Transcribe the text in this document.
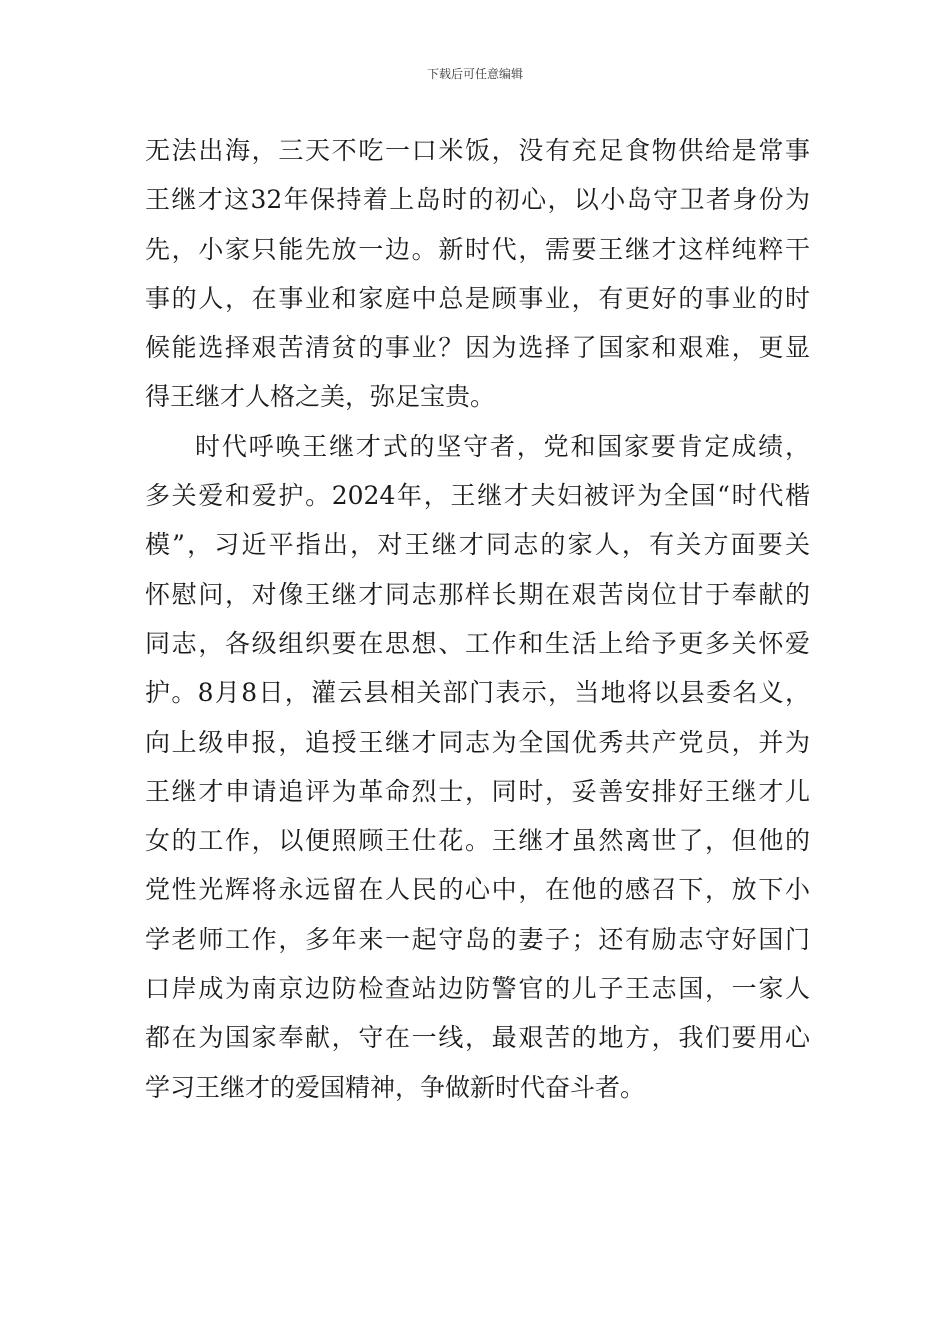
下载后可任意编辑
无法出海，三天不吃一口米饭，没有充足食物供给是常事
王继才这32年保持着上岛时的初心，以小岛守卫者身份为
先，小家只能先放一边。新时代，需要王继才这样纯粹干
事的人，在事业和家庭中总是顾事业，有更好的事业的时
候能选择艰苦清贫的事业？因为选择了国家和艰难，更显
得王继才人格之美，弥足宝贵。
时代呼唤王继才式的坚守者，党和国家要肯定成绩，
多关爱和爱护。2024年，王继才夫妇被评为全国“时代楷
模”，习近平指出，对王继才同志的家人，有关方面要关
怀慰问，对像王继才同志那样长期在艰苦岗位甘于奉献的
同志，各级组织要在思想、工作和生活上给予更多关怀爱
护。8月8日，灌云县相关部门表示，当地将以县委名义，
向上级申报，追授王继才同志为全国优秀共产党员，并为
王继才申请追评为革命烈士，同时，妥善安排好王继才儿
女的工作，以便照顾王仕花。王继才虽然离世了，但他的
党性光辉将永远留在人民的心中，在他的感召下，放下小
学老师工作，多年来一起守岛的妻子；还有励志守好国门
口岸成为南京边防检查站边防警官的儿子王志国，一家人
都在为国家奉献，守在一线，最艰苦的地方，我们要用心
学习王继才的爱国精神，争做新时代奋斗者。
